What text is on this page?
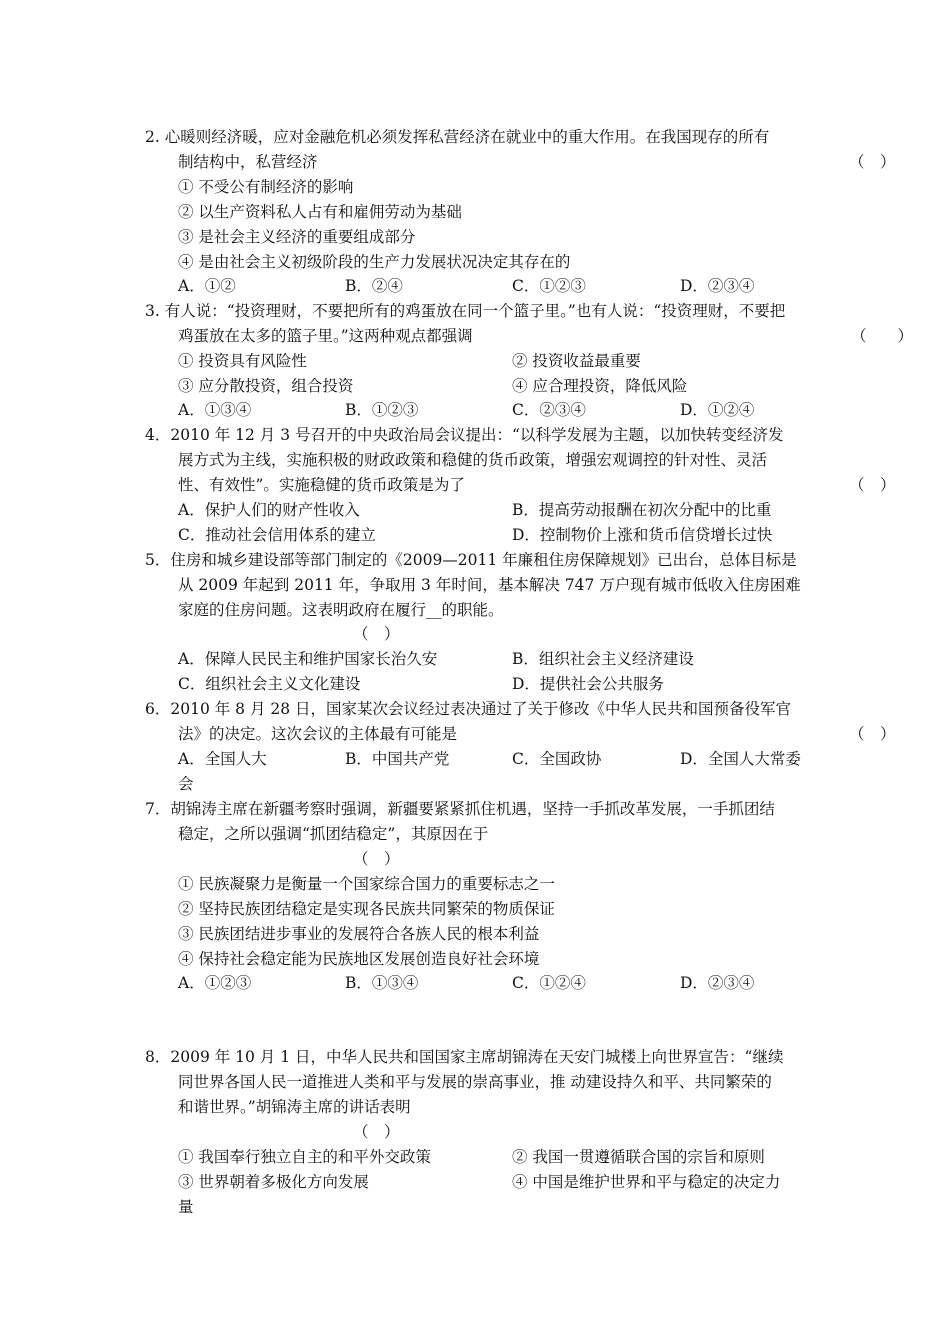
2. 心暖则经济暖，应对金融危机必须发挥私营经济在就业中的重大作用。在我国现存的所有
制结构中，私营经济	（　）
① 不受公有制经济的影响
② 以生产资料私人占有和雇佣劳动为基础
③ 是社会主义经济的重要组成部分
④ 是由社会主义初级阶段的生产力发展状况决定其存在的
A．①②	B．②④	C．①②③	D．②③④
3. 有人说：“投资理财，不要把所有的鸡蛋放在同一个篮子里。”也有人说：“投资理财，不要把
鸡蛋放在太多的篮子里。”这两种观点都强调	（　　）
① 投资具有风险性	② 投资收益最重要
③ 应分散投资，组合投资	④ 应合理投资，降低风险
A．①③④	B．①②③	C．②③④	D．①②④
4．2010 年 12 月 3 号召开的中央政治局会议提出：“以科学发展为主题，以加快转变经济发
展方式为主线，实施积极的财政政策和稳健的货币政策，增强宏观调控的针对性、灵活
性、有效性”。实施稳健的货币政策是为了	（　）
A．保护人们的财产性收入	B．提高劳动报酬在初次分配中的比重
C．推动社会信用体系的建立	D．控制物价上涨和货币信贷增长过快
5．住房和城乡建设部等部门制定的《2009—2011 年廉租住房保障规划》已出台，总体目标是
从 2009 年起到 2011 年，争取用 3 年时间，基本解决 747 万户现有城市低收入住房困难
家庭的住房问题。这表明政府在履行__的职能。
（　）
A．保障人民民主和维护国家长治久安	B．组织社会主义经济建设
C．组织社会主义文化建设	D．提供社会公共服务
6．2010 年 8 月 28 日，国家某次会议经过表决通过了关于修改《中华人民共和国预备役军官
法》的决定。这次会议的主体最有可能是	（　）
A．全国人大	B．中国共产党	C．全国政协	D．全国人大常委
会
7．胡锦涛主席在新疆考察时强调，新疆要紧紧抓住机遇，坚持一手抓改革发展，一手抓团结
稳定，之所以强调“抓团结稳定”，其原因在于
（　）
① 民族凝聚力是衡量一个国家综合国力的重要标志之一
② 坚持民族团结稳定是实现各民族共同繁荣的物质保证
③ 民族团结进步事业的发展符合各族人民的根本利益
④ 保持社会稳定能为民族地区发展创造良好社会环境
A．①②③	B．①③④	C．①②④	D．②③④
8．2009 年 10 月 1 日，中华人民共和国国家主席胡锦涛在天安门城楼上向世界宣告：“继续
同世界各国人民一道推进人类和平与发展的崇高事业，推 动建设持久和平、共同繁荣的
和谐世界。”胡锦涛主席的讲话表明
（　）
① 我国奉行独立自主的和平外交政策	② 我国一贯遵循联合国的宗旨和原则
③ 世界朝着多极化方向发展	④ 中国是维护世界和平与稳定的决定力
量
